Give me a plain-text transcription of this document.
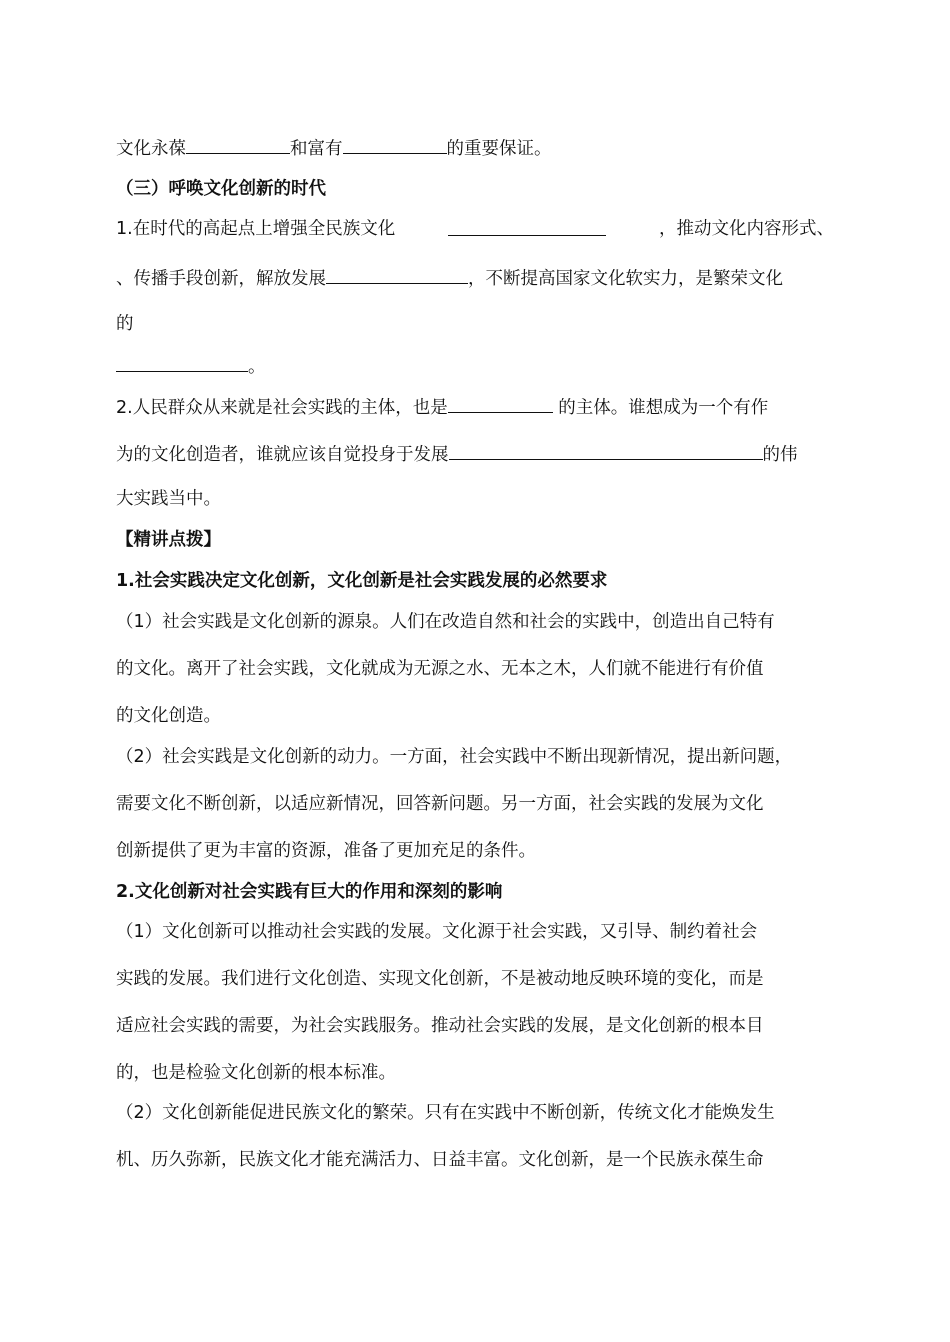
文化永葆	和富有	的重要保证。
（三）呼唤文化创新的时代
1.在时代的高起点上增强全民族文化	，推动文化内容形式、
、传播手段创新，解放发展	，不断提高国家文化软实力，是繁荣文化
的
。
2.人民群众从来就是社会实践的主体，也是	的主体。谁想成为一个有作
为的文化创造者，谁就应该自觉投身于发展	的伟
大实践当中。
【精讲点拨】
1.社会实践决定文化创新，文化创新是社会实践发展的必然要求
（1）社会实践是文化创新的源泉。人们在改造自然和社会的实践中，创造出自己特有
的文化。离开了社会实践，文化就成为无源之水、无本之木，人们就不能进行有价值
的文化创造。
（2）社会实践是文化创新的动力。一方面，社会实践中不断出现新情况，提出新问题，
需要文化不断创新，以适应新情况，回答新问题。另一方面，社会实践的发展为文化
创新提供了更为丰富的资源，准备了更加充足的条件。
2.文化创新对社会实践有巨大的作用和深刻的影响
（1）文化创新可以推动社会实践的发展。文化源于社会实践，又引导、制约着社会
实践的发展。我们进行文化创造、实现文化创新，不是被动地反映环境的变化，而是
适应社会实践的需要，为社会实践服务。推动社会实践的发展，是文化创新的根本目
的，也是检验文化创新的根本标准。
（2）文化创新能促进民族文化的繁荣。只有在实践中不断创新，传统文化才能焕发生
机、历久弥新，民族文化才能充满活力、日益丰富。文化创新，是一个民族永葆生命
